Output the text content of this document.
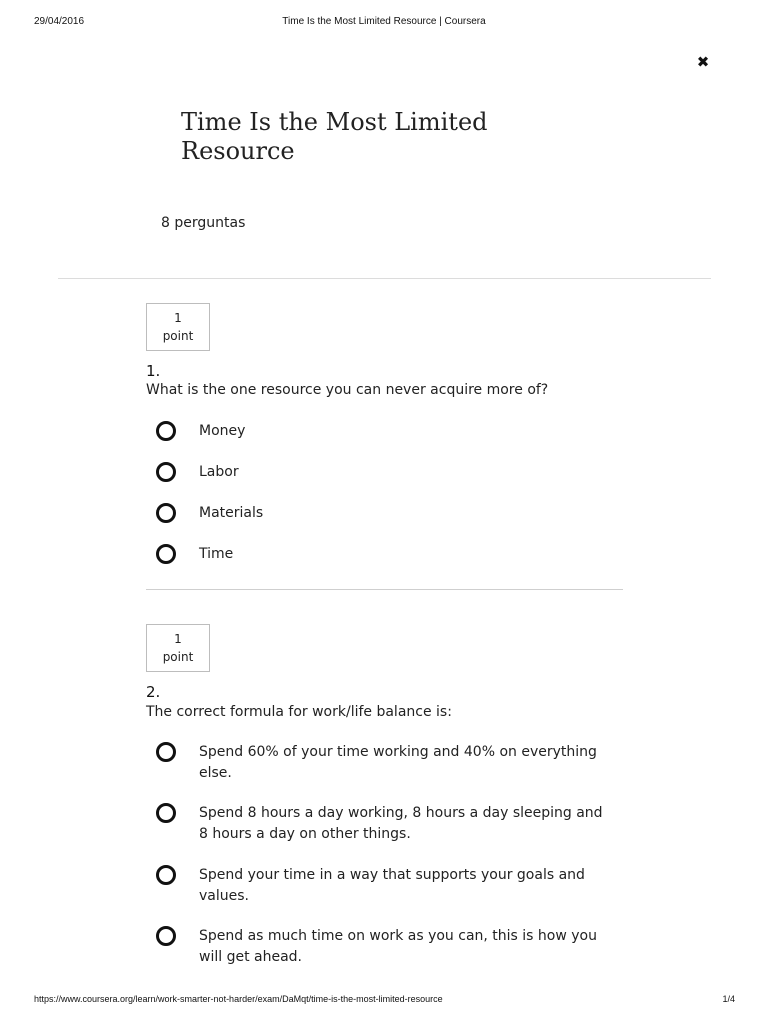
29/04/2016	Time Is the Most Limited Resource | Coursera
✖
Time Is the Most Limited Resource
8 perguntas
1
point
1.
What is the one resource you can never acquire more of?
Money
Labor
Materials
Time
1
point
2.
The correct formula for work/life balance is:
Spend 60% of your time working and 40% on everything else.
Spend 8 hours a day working, 8 hours a day sleeping and 8 hours a day on other things.
Spend your time in a way that supports your goals and values.
Spend as much time on work as you can, this is how you will get ahead.
https://www.coursera.org/learn/work-smarter-not-harder/exam/DaMqt/time-is-the-most-limited-resource	1/4
